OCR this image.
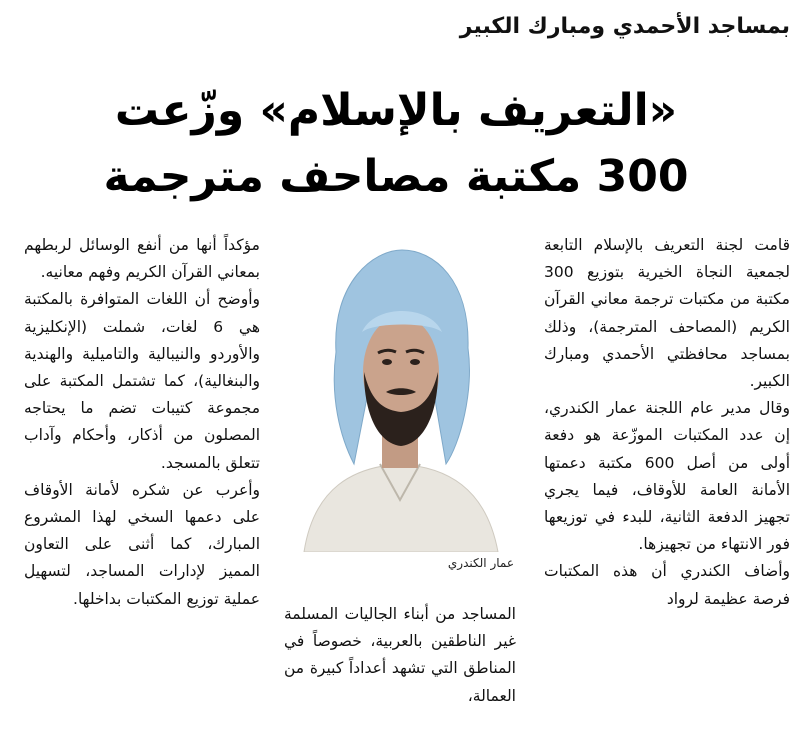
بمساجد الأحمدي ومبارك الكبير
«التعريف بالإسلام» وزّعت
300 مكتبة مصاحف مترجمة

قامت لجنة التعريف بالإسلام التابعة لجمعية النجاة الخيرية بتوزيع 300 مكتبة من مكتبات ترجمة معاني القرآن الكريم (المصاحف المترجمة)، وذلك بمساجد محافظتي الأحمدي ومبارك الكبير.

وقال مدير عام اللجنة عمار الكندري، إن عدد المكتبات الموزّعة هو دفعة أولى من أصل 600 مكتبة دعمتها الأمانة العامة للأوقاف، فيما يجري تجهيز الدفعة الثانية، للبدء في توزيعها فور الانتهاء من تجهيزها.

وأضاف الكندري أن هذه المكتبات فرصة عظيمة لرواد

عمار الكندري

المساجد من أبناء الجاليات المسلمة غير الناطقين بالعربية، خصوصاً في المناطق التي تشهد أعداداً كبيرة من العمالة،

مؤكداً أنها من أنفع الوسائل لربطهم بمعاني القرآن الكريم وفهم معانيه.

وأوضح أن اللغات المتوافرة بالمكتبة هي 6 لغات، شملت (الإنكليزية والأوردو والنيبالية والتاميلية والهندية والبنغالية)، كما تشتمل المكتبة على مجموعة كتيبات تضم ما يحتاجه المصلون من أذكار، وأحكام وآداب تتعلق بالمسجد.

وأعرب عن شكره لأمانة الأوقاف على دعمها السخي لهذا المشروع المبارك، كما أثنى على التعاون المميز لإدارات المساجد، لتسهيل عملية توزيع المكتبات بداخلها.
